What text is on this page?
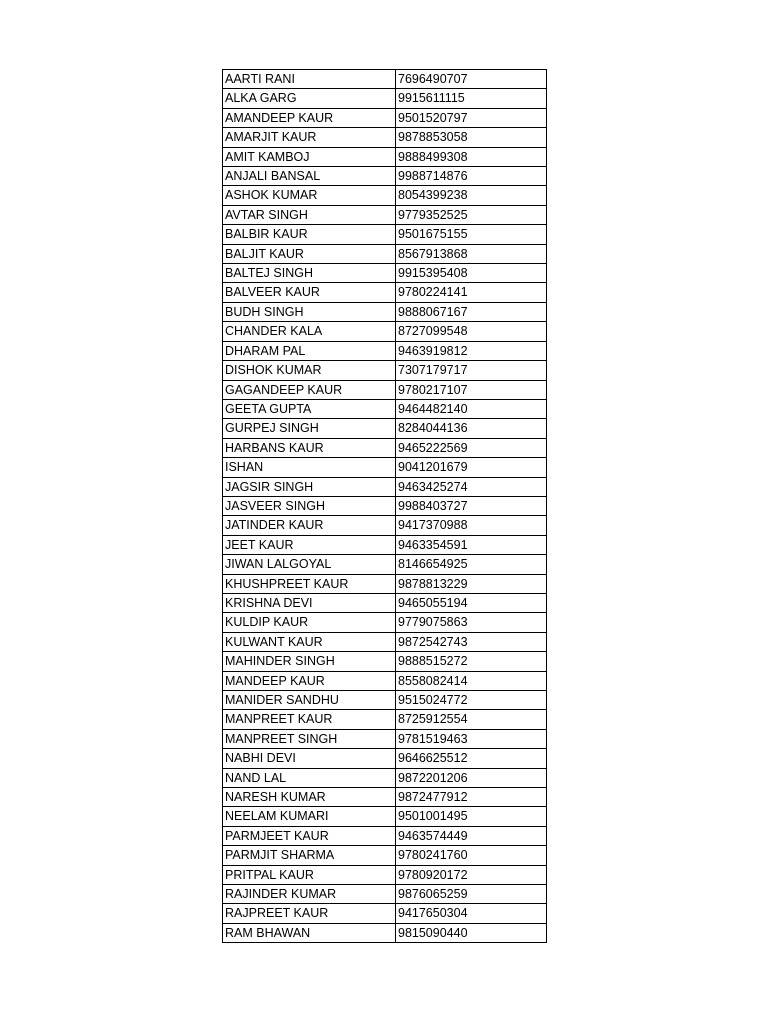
AARTI RANI	7696490707
ALKA GARG	9915611115
AMANDEEP KAUR	9501520797
AMARJIT KAUR	9878853058
AMIT KAMBOJ	9888499308
ANJALI BANSAL	9988714876
ASHOK KUMAR	8054399238
AVTAR SINGH	9779352525
BALBIR KAUR	9501675155
BALJIT KAUR	8567913868
BALTEJ SINGH	9915395408
BALVEER KAUR	9780224141
BUDH SINGH	9888067167
CHANDER KALA	8727099548
DHARAM PAL	9463919812
DISHOK KUMAR	7307179717
GAGANDEEP KAUR	9780217107
GEETA GUPTA	9464482140
GURPEJ SINGH	8284044136
HARBANS KAUR	9465222569
ISHAN	9041201679
JAGSIR SINGH	9463425274
JASVEER SINGH	9988403727
JATINDER KAUR	9417370988
JEET KAUR	9463354591
JIWAN LALGOYAL	8146654925
KHUSHPREET KAUR	9878813229
KRISHNA DEVI	9465055194
KULDIP KAUR	9779075863
KULWANT KAUR	9872542743
MAHINDER SINGH	9888515272
MANDEEP KAUR	8558082414
MANIDER SANDHU	9515024772
MANPREET KAUR	8725912554
MANPREET SINGH	9781519463
NABHI DEVI	9646625512
NAND LAL	9872201206
NARESH KUMAR	9872477912
NEELAM KUMARI	9501001495
PARMJEET KAUR	9463574449
PARMJIT SHARMA	9780241760
PRITPAL KAUR	9780920172
RAJINDER KUMAR	9876065259
RAJPREET KAUR	9417650304
RAM BHAWAN	9815090440
